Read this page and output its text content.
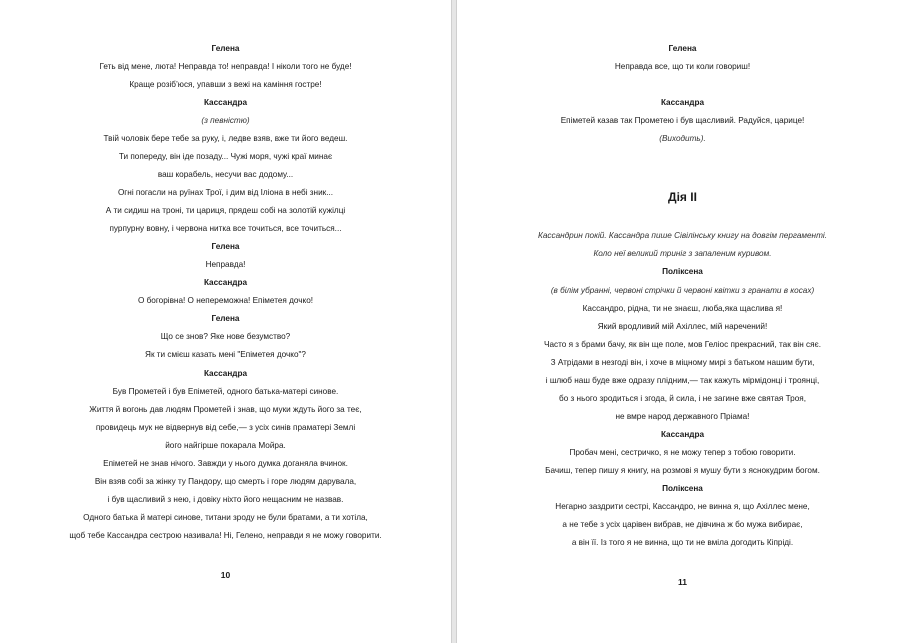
Гелена
Геть від мене, люта! Неправда то! неправда! І ніколи того не буде!
Краще розіб’юся, упавши з вежі на каміння гостре!
Кассандра
(з певністю)
Твій чоловік бере тебе за руку, і, ледве взяв, вже ти його ведеш.
Ти попереду, він іде позаду... Чужі моря, чужі краї минає
ваш корабель, несучи вас додому...
Огні погасли на руїнах Трої, і дим від Іліона в небі зник...
А ти сидиш на троні, ти цариця, прядеш собі на золотій кужілці
пурпурну вовну, і червона нитка все точиться, все точиться...
Гелена
Неправда!
Кассандра
О богорівна! О непереможна! Епіметея дочко!
Гелена
Що се знов? Яке нове безумство?
Як ти смієш казать мені "Епіметея дочко"?
Кассандра
Був Прометей і був Епіметей, одного батька-матері синове.
Життя й вогонь дав людям Прометей і знав, що муки ждуть його за теє,
провидець мук не відвернув від себе,— з усіх синів праматері Землі
його найгірше покарала Мойра.
Епіметей не знав нічого. Завжди у нього думка доганяла вчинок.
Він взяв собі за жінку ту Пандору, що смерть і горе людям дарувала,
і був щасливий з нею, і довіку ніхто його нещасним не назвав.
Одного батька й матері синове, титани зроду не були братами, а ти хотіла,
щоб тебе Кассандра сестрою називала! Ні, Гелено, неправди я не можу говорити.
10
Гелена
Неправда все, що ти коли говориш!
Кассандра
Епіметей казав так Прометею і був щасливий. Радуйся, царице!
(Виходить).
Дія ІІ
Кассандрин покій. Кассандра пише Сівілінську книгу на довгім пергаменті.
Коло неї великий триніг з запаленим куривом.
Поліксена
(в білім убранні, червоні стрічки й червоні квітки з гранати в косах)
Кассандро, рідна, ти не знаєш, люба,яка щаслива я!
Який вродливий мій Ахіллес, мій наречений!
Часто я з брами бачу, як він ще поле, мов Геліос прекрасний, так він сяє.
З Атрідами в незгоді він, і хоче в міцному мирі з батьком нашим бути,
і шлюб наш буде вже одразу плідним,— так кажуть мірмідонці і троянці,
бо з нього зродиться і згода, й сила, і не загине вже святая Троя,
не вмре народ державного Пріама!
Кассандра
Пробач мені, сестричко, я не можу тепер з тобою говорити.
Бачиш, тепер пишу я книгу, на розмові я мушу бути з яснокудрим богом.
Поліксена
Негарно заздрити сестрі, Кассандро, не винна я, що Ахіллес мене,
а не тебе з усіх царівен вибрав, не дівчина ж бо мужа вибирає,
а він її. Із того я не винна, що ти не вміла догодить Кіпріді.
11
